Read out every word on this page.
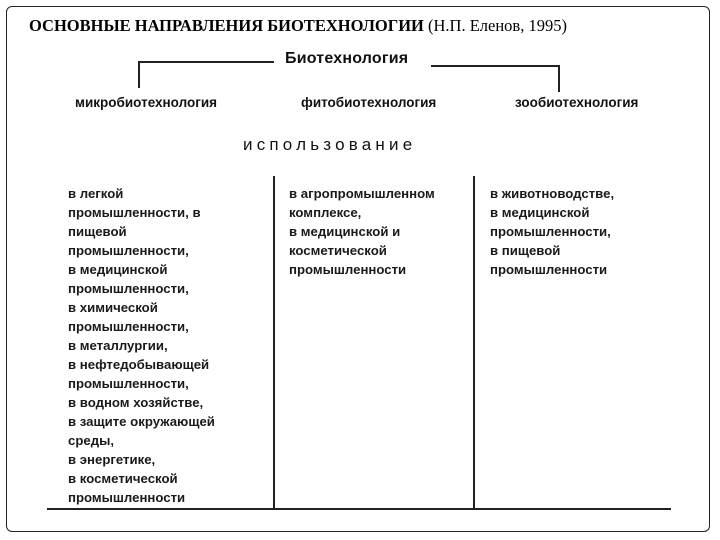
ОСНОВНЫЕ НАПРАВЛЕНИЯ БИОТЕХНОЛОГИИ (Н.П. Еленов, 1995)
Биотехнология
микробиотехнология	фитобиотехнология	зообиотехнология
использование
в легкой
промышленности, в
пищевой
промышленности,
в медицинской
промышленности,
в химической
промышленности,
в металлургии,
в нефтедобывающей
промышленности,
в водном хозяйстве,
в защите окружающей
среды,
в энергетике,
в косметической
промышленности
в агропромышленном
комплексе,
в медицинской и
косметической
промышленности
в животноводстве,
в медицинской
промышленности,
в пищевой
промышленности
